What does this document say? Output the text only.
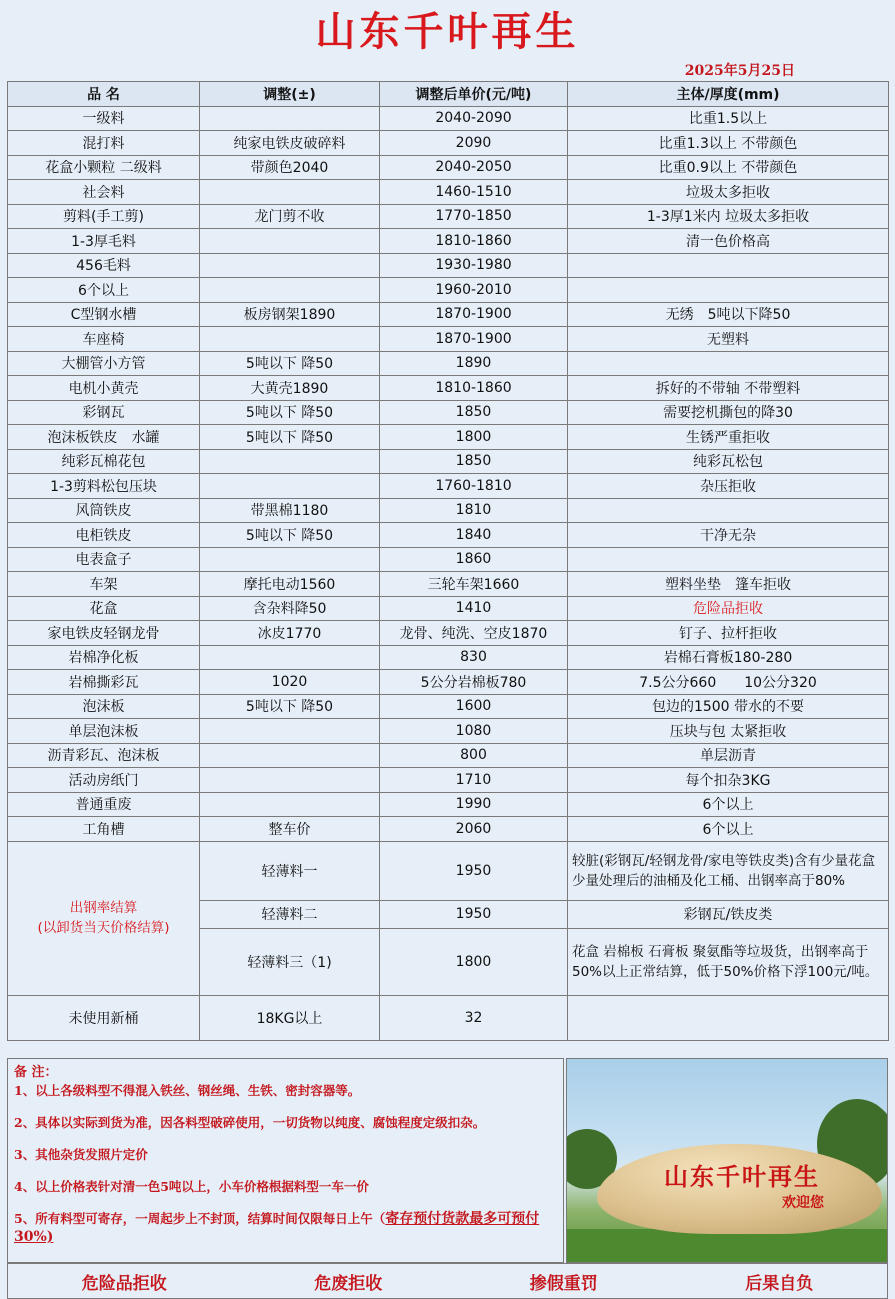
山东千叶再生
2025年5月25日
品 名	调整(±)	调整后单价(元/吨)	主体/厚度(mm)
一级料		2040-2090	比重1.5以上
混打料	纯家电铁皮破碎料	2090	比重1.3以上 不带颜色
花盒小颗粒 二级料	带颜色2040	2040-2050	比重0.9以上 不带颜色
社会料		1460-1510	垃圾太多拒收
剪料(手工剪)	龙门剪不收	1770-1850	1-3厚1米内 垃圾太多拒收
1-3厚毛料		1810-1860	清一色价格高
456毛料		1930-1980	
6个以上		1960-2010	
C型钢水槽	板房钢架1890	1870-1900	无绣　5吨以下降50
车座椅		1870-1900	无塑料
大棚管小方管	5吨以下 降50	1890	
电机小黄壳	大黄壳1890	1810-1860	拆好的不带轴 不带塑料
彩钢瓦	5吨以下 降50	1850	需要挖机撕包的降30
泡沫板铁皮　水罐	5吨以下 降50	1800	生锈严重拒收
纯彩瓦棉花包		1850	纯彩瓦松包
1-3剪料松包压块		1760-1810	杂压拒收
风筒铁皮	带黑棉1180	1810	
电柜铁皮	5吨以下 降50	1840	干净无杂
电表盒子		1860	
车架	摩托电动1560	三轮车架1660	塑料坐垫　篷车拒收
花盒	含杂料降50	1410	危险品拒收
家电铁皮轻钢龙骨	冰皮1770	龙骨、纯洗、空皮1870	钉子、拉杆拒收
岩棉净化板		830	岩棉石膏板180-280
岩棉撕彩瓦	1020	5公分岩棉板780	7.5公分660　　10公分320
泡沫板	5吨以下 降50	1600	包边的1500 带水的不要
单层泡沫板		1080	压块与包 太紧拒收
沥青彩瓦、泡沫板		800	单层沥青
活动房纸门		1710	每个扣杂3KG
普通重废		1990	6个以上
工角槽	整车价	2060	6个以上

出钢率结算
(以卸货当天价格结算)	轻薄料一	1950	较脏(彩钢瓦/轻钢龙骨/家电等铁皮类)含有少量花盒少量处理后的油桶及化工桶、出钢率高于80%
	轻薄料二	1950	彩钢瓦/铁皮类
	轻薄料三（1)	1800	花盒 岩棉板 石膏板 聚氨酯等垃圾货，出钢率高于50%以上正常结算，低于50%价格下浮100元/吨。
未使用新桶	18KG以上	32	
备 注：

1、以上各级料型不得混入铁丝、钢丝绳、生铁、密封容器等。

2、具体以实际到货为准，因各料型破碎使用，一切货物以纯度、腐蚀程度定级扣杂。

3、其他杂货发照片定价

4、以上价格表针对清一色5吨以上，小车价格根据料型一车一价

5、所有料型可寄存，一周起步上不封顶，结算时间仅限每日上午（寄存预付货款最多可预付30%)

山东千叶再生
欢迎您
危险品拒收	危废拒收	掺假重罚	后果自负
